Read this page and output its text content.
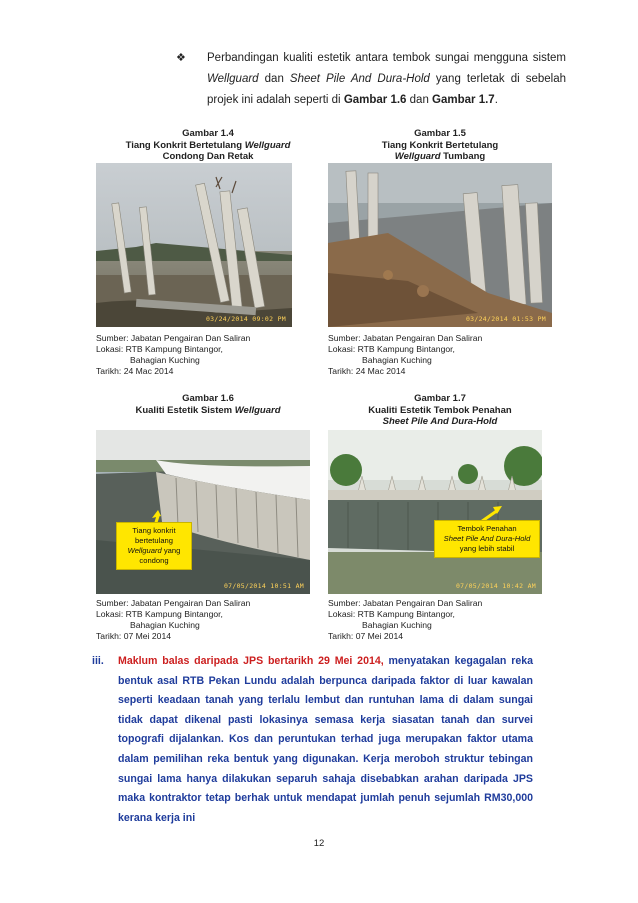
❖ Perbandingan kualiti estetik antara tembok sungai mengguna sistem Wellguard dan Sheet Pile And Dura-Hold yang terletak di sebelah projek ini adalah seperti di Gambar 1.6 dan Gambar 1.7.
Gambar 1.4
Tiang Konkrit Bertetulang Wellguard
Condong Dan Retak
Gambar 1.5
Tiang Konkrit Bertetulang
Wellguard Tumbang
03/24/2014 09:02 PM	03/24/2014 01:53 PM
Sumber: Jabatan Pengairan Dan Saliran
Lokasi: RTB Kampung Bintangor,
Bahagian Kuching
Tarikh: 24 Mac 2014
Sumber: Jabatan Pengairan Dan Saliran
Lokasi: RTB Kampung Bintangor,
Bahagian Kuching
Tarikh: 24 Mac 2014
Gambar 1.6
Kualiti Estetik Sistem Wellguard
Gambar 1.7
Kualiti Estetik Tembok Penahan
Sheet Pile And Dura-Hold
Tiang konkrit bertetulang Wellguard yang condong
07/05/2014 10:51 AM
Tembok Penahan
Sheet Pile And Dura-Hold yang lebih stabil
07/05/2014 10:42 AM
Sumber: Jabatan Pengairan Dan Saliran
Lokasi: RTB Kampung Bintangor,
Bahagian Kuching
Tarikh: 07 Mei 2014
Sumber: Jabatan Pengairan Dan Saliran
Lokasi: RTB Kampung Bintangor,
Bahagian Kuching
Tarikh: 07 Mei 2014
iii. Maklum balas daripada JPS bertarikh 29 Mei 2014, menyatakan kegagalan reka bentuk asal RTB Pekan Lundu adalah berpunca daripada faktor di luar kawalan seperti keadaan tanah yang terlalu lembut dan runtuhan lama di dalam sungai tidak dapat dikenal pasti lokasinya semasa kerja siasatan tanah dan survei topografi dijalankan. Kos dan peruntukan terhad juga merupakan faktor utama dalam pemilihan reka bentuk yang digunakan. Kerja meroboh struktur tebingan sungai lama hanya dilakukan separuh sahaja disebabkan arahan daripada JPS maka kontraktor tetap berhak untuk mendapat jumlah penuh sejumlah RM30,000 kerana kerja ini
12
